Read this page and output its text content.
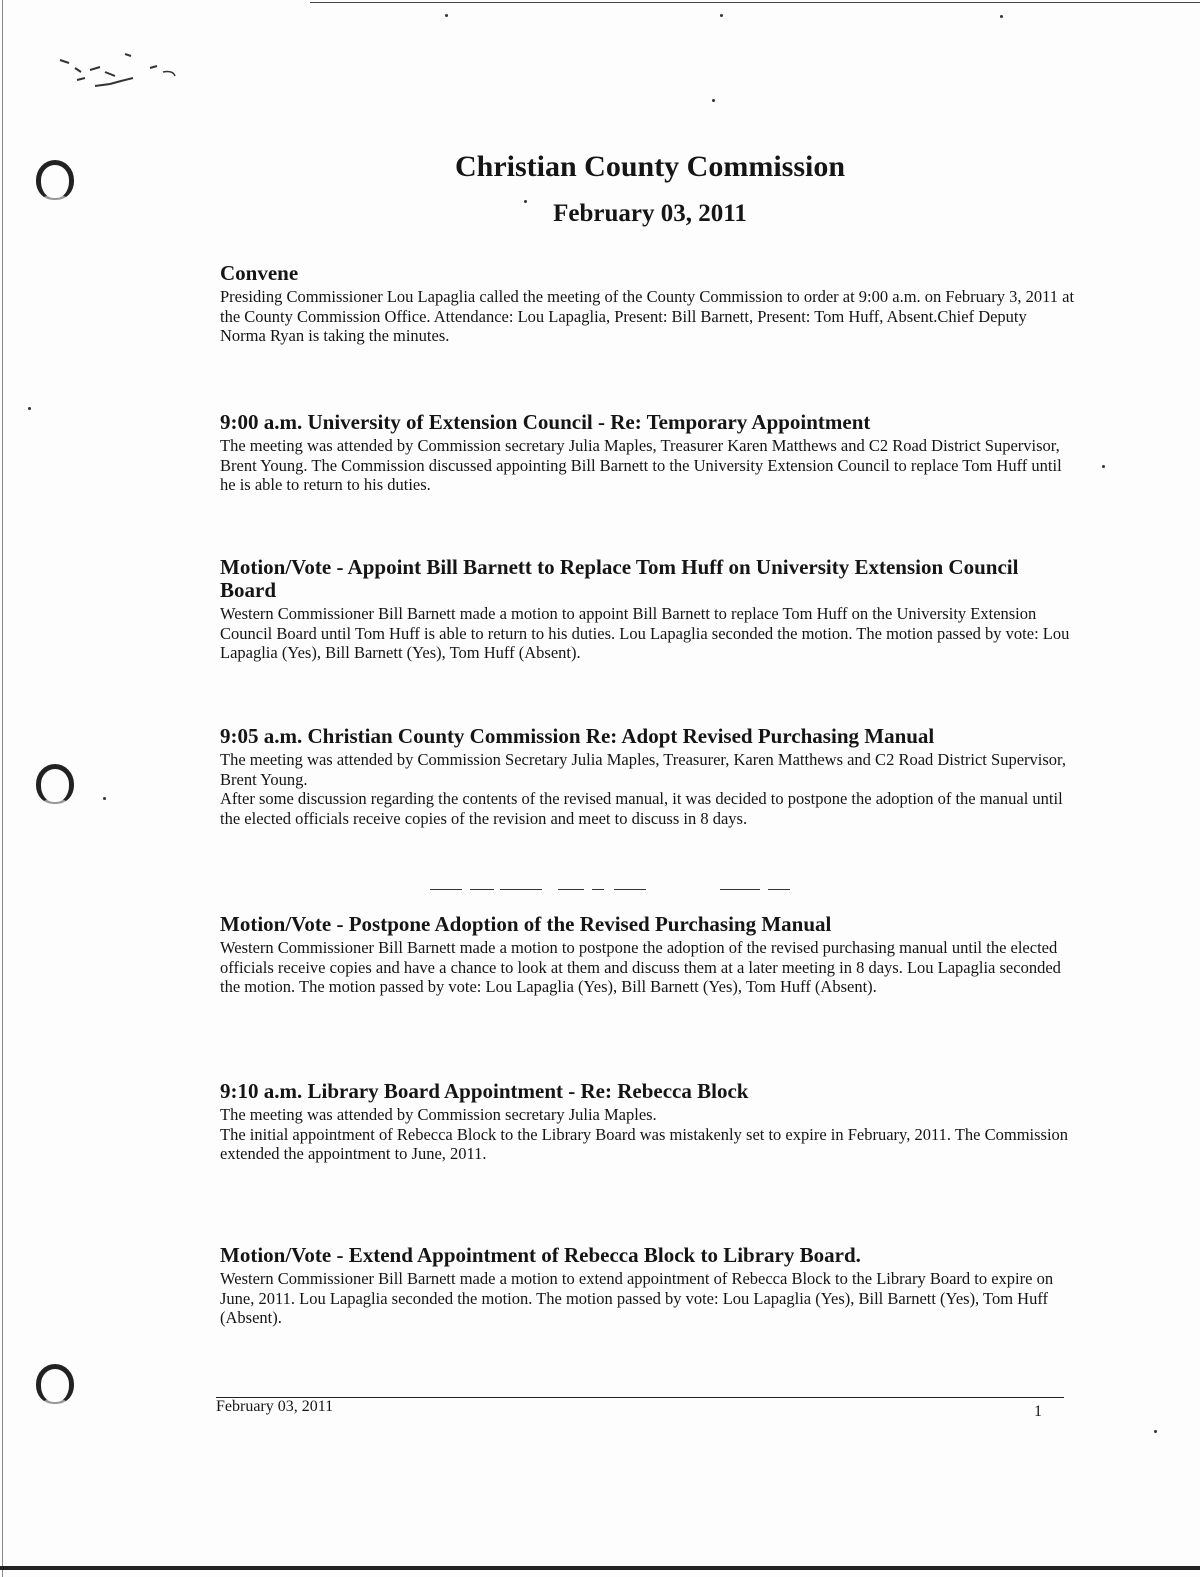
Christian County Commission
February 03, 2011
Convene

Presiding Commissioner Lou Lapaglia called the meeting of the County Commission to order at 9:00 a.m. on February 3, 2011 at the County Commission Office. Attendance: Lou Lapaglia, Present: Bill Barnett, Present: Tom Huff, Absent.Chief Deputy Norma Ryan is taking the minutes.

9:00 a.m. University of Extension Council - Re: Temporary Appointment

The meeting was attended by Commission secretary Julia Maples, Treasurer Karen Matthews and C2 Road District Supervisor, Brent Young. The Commission discussed appointing Bill Barnett to the University Extension Council to replace Tom Huff until he is able to return to his duties.

Motion/Vote - Appoint Bill Barnett to Replace Tom Huff on University Extension Council Board

Western Commissioner Bill Barnett made a motion to appoint Bill Barnett to replace Tom Huff on the University Extension Council Board until Tom Huff is able to return to his duties. Lou Lapaglia seconded the motion. The motion passed by vote: Lou Lapaglia (Yes), Bill Barnett (Yes), Tom Huff (Absent).

9:05 a.m. Christian County Commission Re: Adopt Revised Purchasing Manual

The meeting was attended by Commission Secretary Julia Maples, Treasurer, Karen Matthews and C2 Road District Supervisor, Brent Young.

After some discussion regarding the contents of the revised manual, it was decided to postpone the adoption of the manual until the elected officials receive copies of the revision and meet to discuss in 8 days.

Motion/Vote - Postpone Adoption of the Revised Purchasing Manual

Western Commissioner Bill Barnett made a motion to postpone the adoption of the revised purchasing manual until the elected officials receive copies and have a chance to look at them and discuss them at a later meeting in 8 days. Lou Lapaglia seconded the motion. The motion passed by vote: Lou Lapaglia (Yes), Bill Barnett (Yes), Tom Huff (Absent).

9:10 a.m. Library Board Appointment - Re: Rebecca Block

The meeting was attended by Commission secretary Julia Maples.

The initial appointment of Rebecca Block to the Library Board was mistakenly set to expire in February, 2011. The Commission extended the appointment to June, 2011.

Motion/Vote - Extend Appointment of Rebecca Block to Library Board.

Western Commissioner Bill Barnett made a motion to extend appointment of Rebecca Block to the Library Board to expire on June, 2011. Lou Lapaglia seconded the motion. The motion passed by vote: Lou Lapaglia (Yes), Bill Barnett (Yes), Tom Huff (Absent).

February 03, 2011	1
